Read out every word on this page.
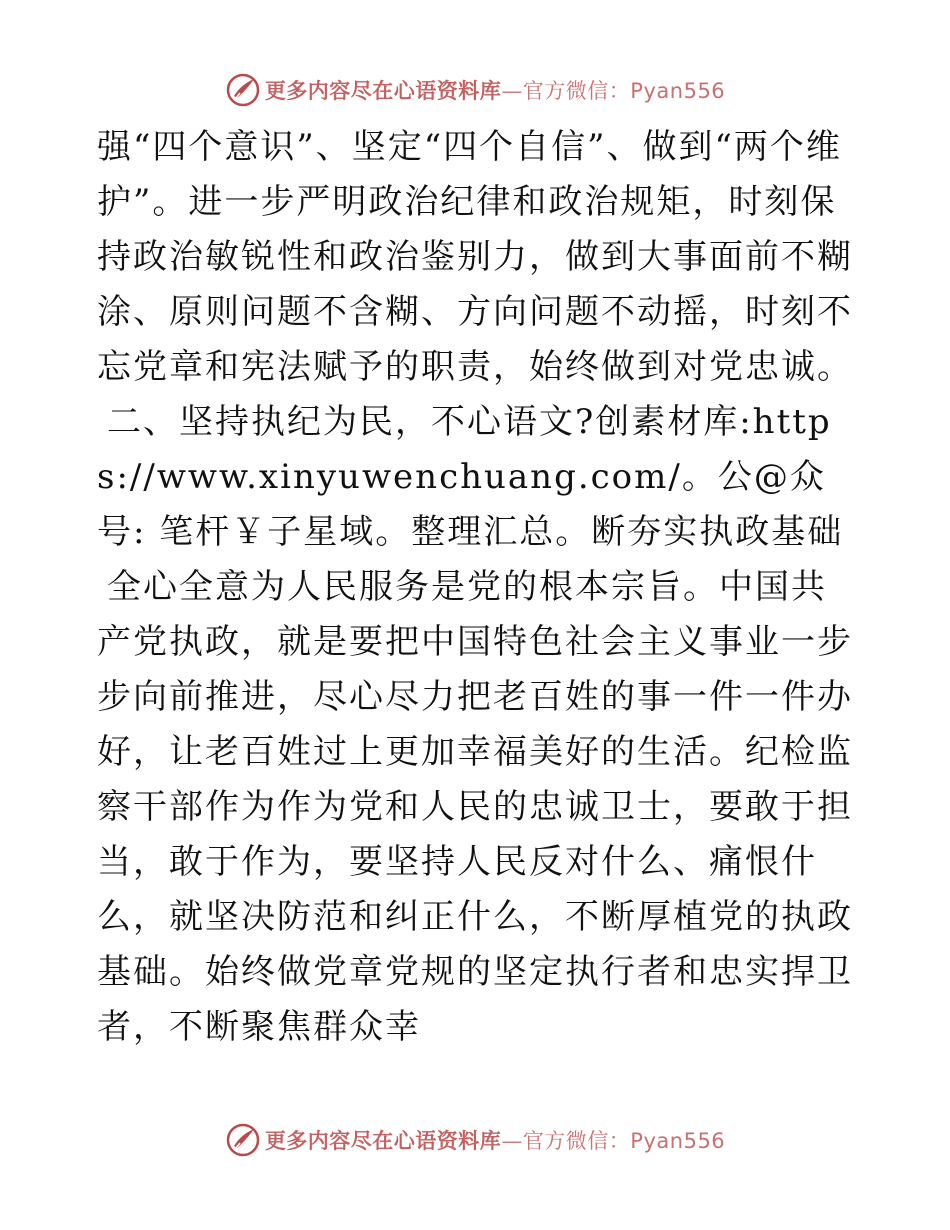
更多内容尽在心语资料库—官方微信：Pyan556

强“四个意识”、坚定“四个自信”、做到“两个维护”。进一步严明政治纪律和政治规矩，时刻保持政治敏锐性和政治鉴别力，做到大事面前不糊涂、原则问题不含糊、方向问题不动摇，时刻不忘党章和宪法赋予的职责，始终做到对党忠诚。

二、坚持执纪为民，不心语文?创素材库:https://www.xinyuwenchuang.com/。公@众号: 笔杆￥子星域。整理汇总。断夯实执政基础

全心全意为人民服务是党的根本宗旨。中国共产党执政，就是要把中国特色社会主义事业一步步向前推进，尽心尽力把老百姓的事一件一件办好，让老百姓过上更加幸福美好的生活。纪检监察干部作为作为党和人民的忠诚卫士，要敢于担当，敢于作为，要坚持人民反对什么、痛恨什么，就坚决防范和纠正什么，不断厚植党的执政基础。始终做党章党规的坚定执行者和忠实捍卫者，不断聚焦群众幸

更多内容尽在心语资料库—官方微信：Pyan556
